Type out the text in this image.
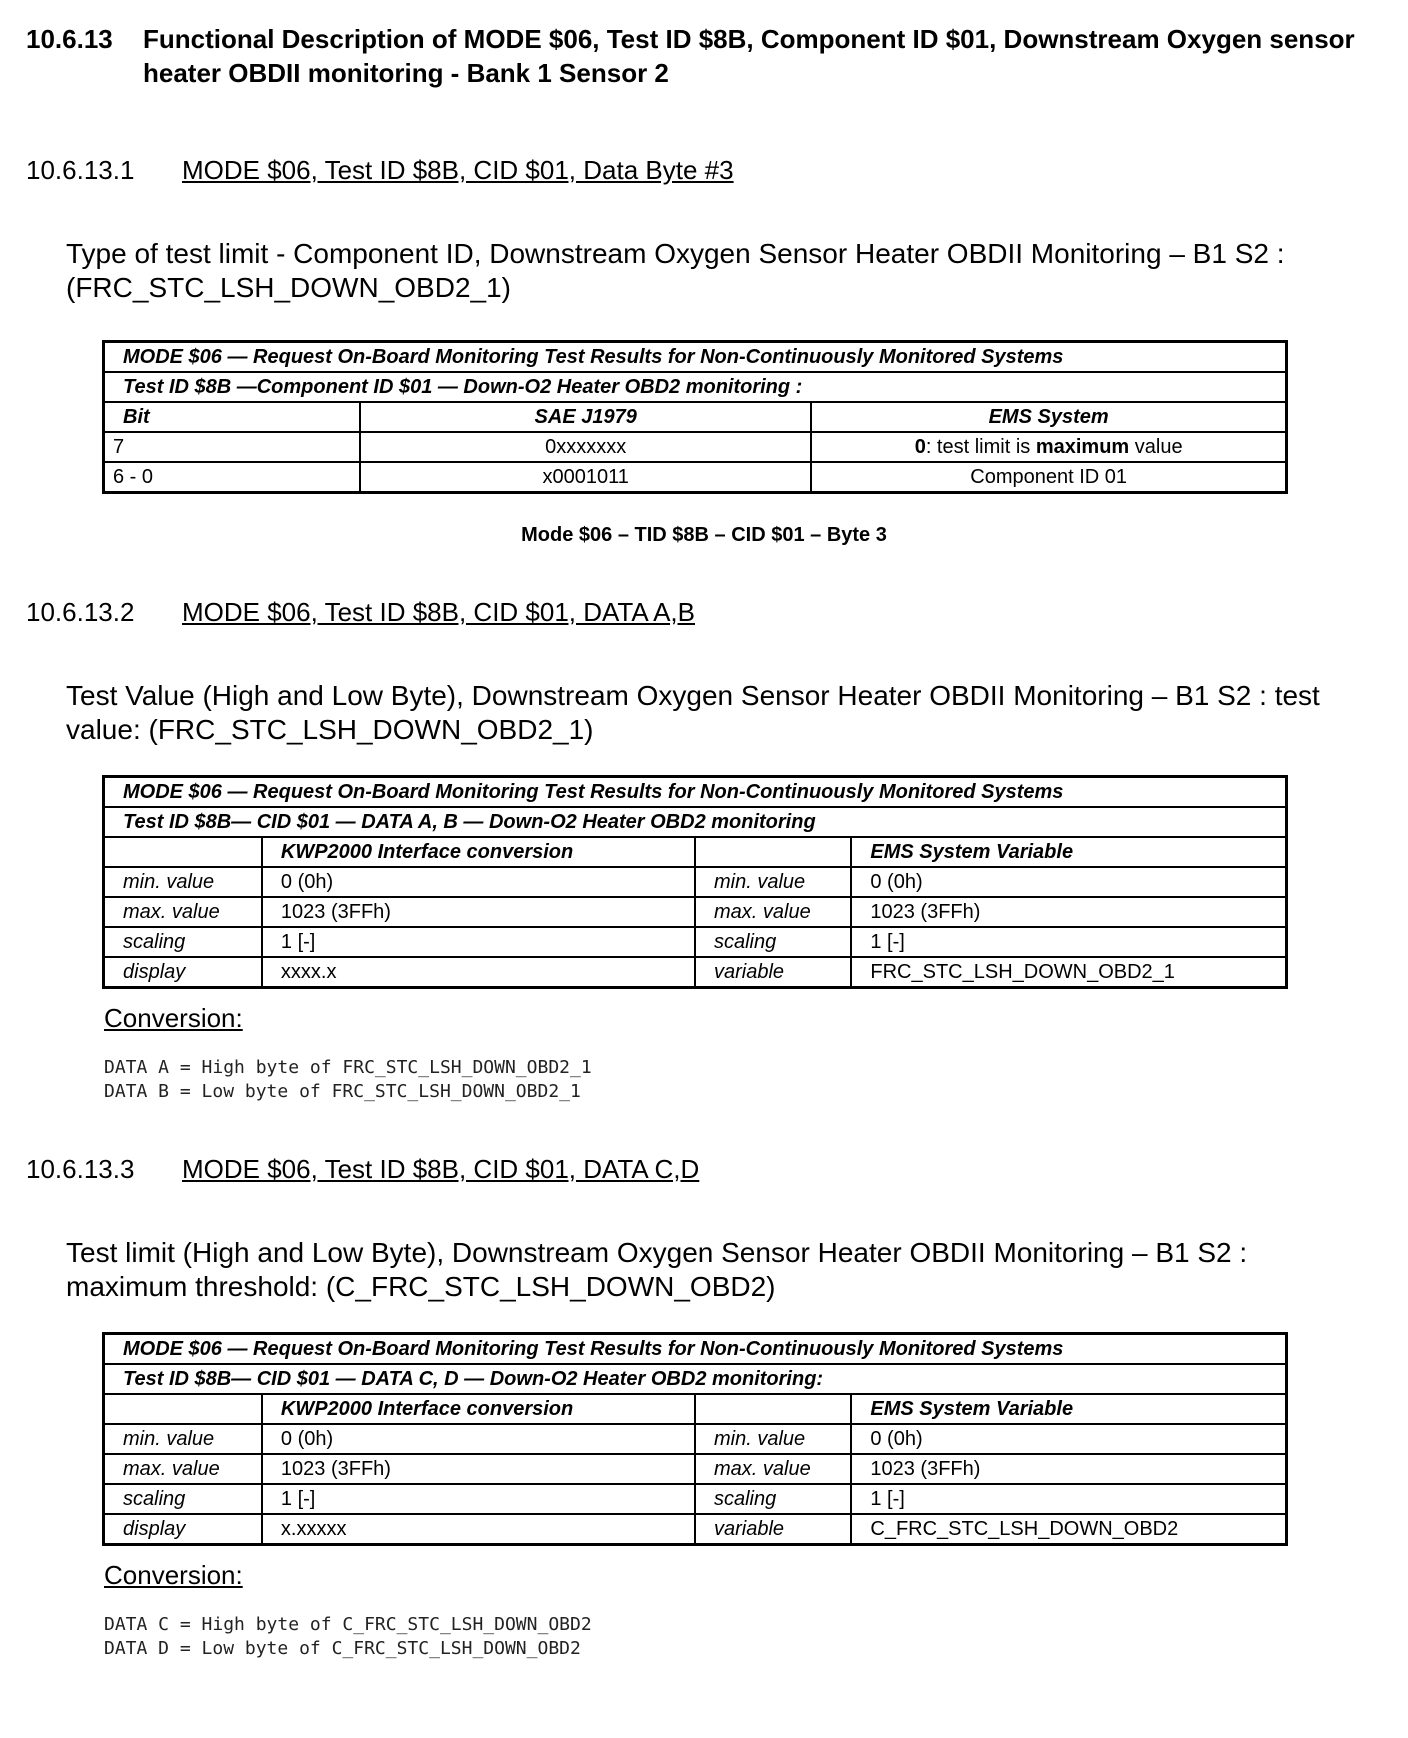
10.6.13 Functional Description of MODE $06, Test ID $8B, Component ID $01, Downstream Oxygen sensor heater OBDII monitoring - Bank 1 Sensor 2
10.6.13.1 MODE $06, Test ID $8B, CID $01, Data Byte #3
Type of test limit - Component ID, Downstream Oxygen Sensor Heater OBDII Monitoring – B1 S2 : (FRC_STC_LSH_DOWN_OBD2_1)
MODE $06 — Request On-Board Monitoring Test Results for Non-Continuously Monitored Systems		
Test ID $8B —Component ID $01 — Down-O2 Heater OBD2 monitoring :		
Bit	SAE J1979	EMS System
7	0xxxxxxx	0: test limit is maximum value
6 - 0	x0001011	Component ID 01
Mode $06 – TID $8B – CID $01 – Byte 3
10.6.13.2 MODE $06, Test ID $8B, CID $01, DATA A,B
Test Value (High and Low Byte), Downstream Oxygen Sensor Heater OBDII Monitoring – B1 S2 : test value: (FRC_STC_LSH_DOWN_OBD2_1)
MODE $06 — Request On-Board Monitoring Test Results for Non-Continuously Monitored Systems			
Test ID $8B— CID $01 — DATA A, B — Down-O2 Heater OBD2 monitoring			
	KWP2000 Interface conversion		EMS System Variable
min. value	0 (0h)	min. value	0 (0h)
max. value	1023 (3FFh)	max. value	1023 (3FFh)
scaling	1 [-]	scaling	1 [-]
display	xxxx.x	variable	FRC_STC_LSH_DOWN_OBD2_1
Conversion:
DATA A = High byte of FRC_STC_LSH_DOWN_OBD2_1
DATA B = Low byte of FRC_STC_LSH_DOWN_OBD2_1
10.6.13.3 MODE $06, Test ID $8B, CID $01, DATA C,D
Test limit (High and Low Byte), Downstream Oxygen Sensor Heater OBDII Monitoring – B1 S2 : maximum threshold: (C_FRC_STC_LSH_DOWN_OBD2)
MODE $06 — Request On-Board Monitoring Test Results for Non-Continuously Monitored Systems			
Test ID $8B— CID $01 — DATA C, D — Down-O2 Heater OBD2 monitoring:			
	KWP2000 Interface conversion		EMS System Variable
min. value	0 (0h)	min. value	0 (0h)
max. value	1023 (3FFh)	max. value	1023 (3FFh)
scaling	1 [-]	scaling	1 [-]
display	x.xxxxx	variable	C_FRC_STC_LSH_DOWN_OBD2
Conversion:
DATA C = High byte of C_FRC_STC_LSH_DOWN_OBD2
DATA D = Low byte of C_FRC_STC_LSH_DOWN_OBD2
